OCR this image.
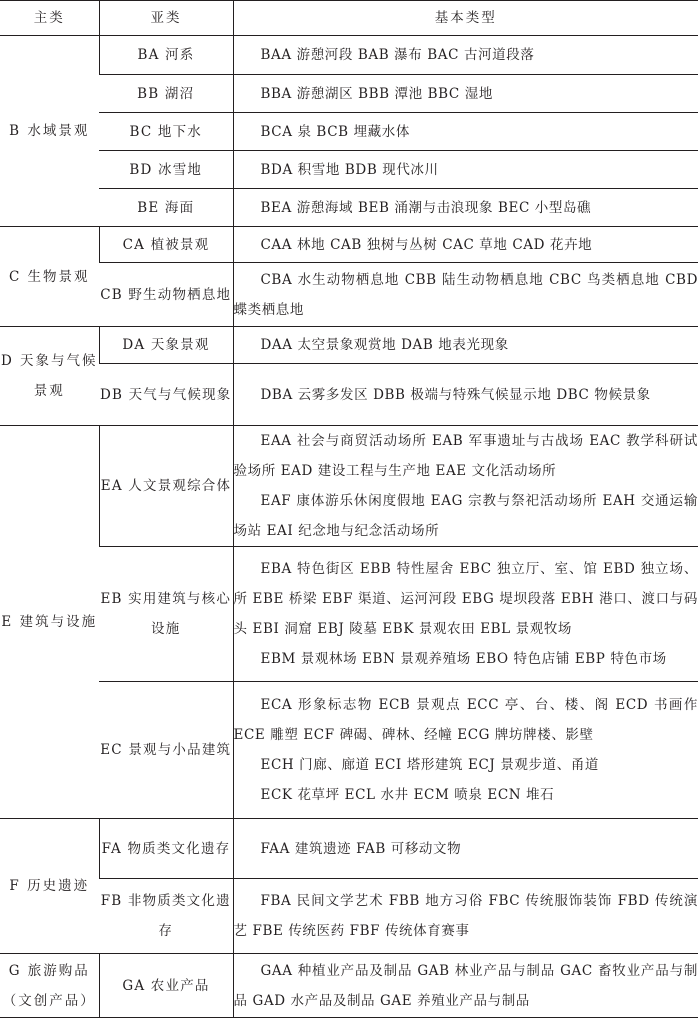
主类	亚类	基本类型
B 水域景观	BA 河系	BAA 游憩河段 BAB 瀑布 BAC 古河道段落

	BB 湖沼	BBA 游憩湖区 BBB 潭池 BBC 湿地

	BC 地下水	BCA 泉 BCB 埋藏水体

	BD 冰雪地	BDA 积雪地 BDB 现代冰川

	BE 海面	BEA 游憩海域 BEB 涌潮与击浪现象 BEC 小型岛礁

C 生物景观	CA 植被景观	CAA 林地 CAB 独树与丛树 CAC 草地 CAD 花卉地

	CB 野生动物栖息地	CBA 水生动物栖息地 CBB 陆生动物栖息地 CBC 鸟类栖息地 CBD 蝶类栖息地

D 天象与气候景观	DA 天象景观	DAA 太空景象观赏地 DAB 地表光现象

	DB 天气与气候现象	DBA 云雾多发区 DBB 极端与特殊气候显示地 DBC 物候景象

E 建筑与设施	EA 人文景观综合体	EAA 社会与商贸活动场所 EAB 军事遗址与古战场 EAC 教学科研试验场所 EAD 建设工程与生产地 EAE 文化活动场所

EAF 康体游乐休闲度假地 EAG 宗教与祭祀活动场所 EAH 交通运输场站 EAI 纪念地与纪念活动场所

	EB 实用建筑与核心设施	EBA 特色街区 EBB 特性屋舍 EBC 独立厅、室、馆 EBD 独立场、所 EBE 桥梁 EBF 渠道、运河河段 EBG 堤坝段落 EBH 港口、渡口与码头 EBI 洞窟 EBJ 陵墓 EBK 景观农田 EBL 景观牧场

EBM 景观林场 EBN 景观养殖场 EBO 特色店铺 EBP 特色市场

	EC 景观与小品建筑	ECA 形象标志物 ECB 景观点 ECC 亭、台、楼、阁 ECD 书画作 ECE 雕塑 ECF 碑碣、碑林、经幢 ECG 牌坊牌楼、影壁

ECH 门廊、廊道 ECI 塔形建筑 ECJ 景观步道、甬道

ECK 花草坪 ECL 水井 ECM 喷泉 ECN 堆石

F 历史遗迹	FA 物质类文化遗存	FAA 建筑遗迹 FAB 可移动文物

	FB 非物质类文化遗存	FBA 民间文学艺术 FBB 地方习俗 FBC 传统服饰装饰 FBD 传统演艺 FBE 传统医药 FBF 传统体育赛事

G 旅游购品（文创产品）	GA 农业产品	GAA 种植业产品及制品 GAB 林业产品与制品 GAC 畜牧业产品与制品 GAD 水产品及制品 GAE 养殖业产品与制品
